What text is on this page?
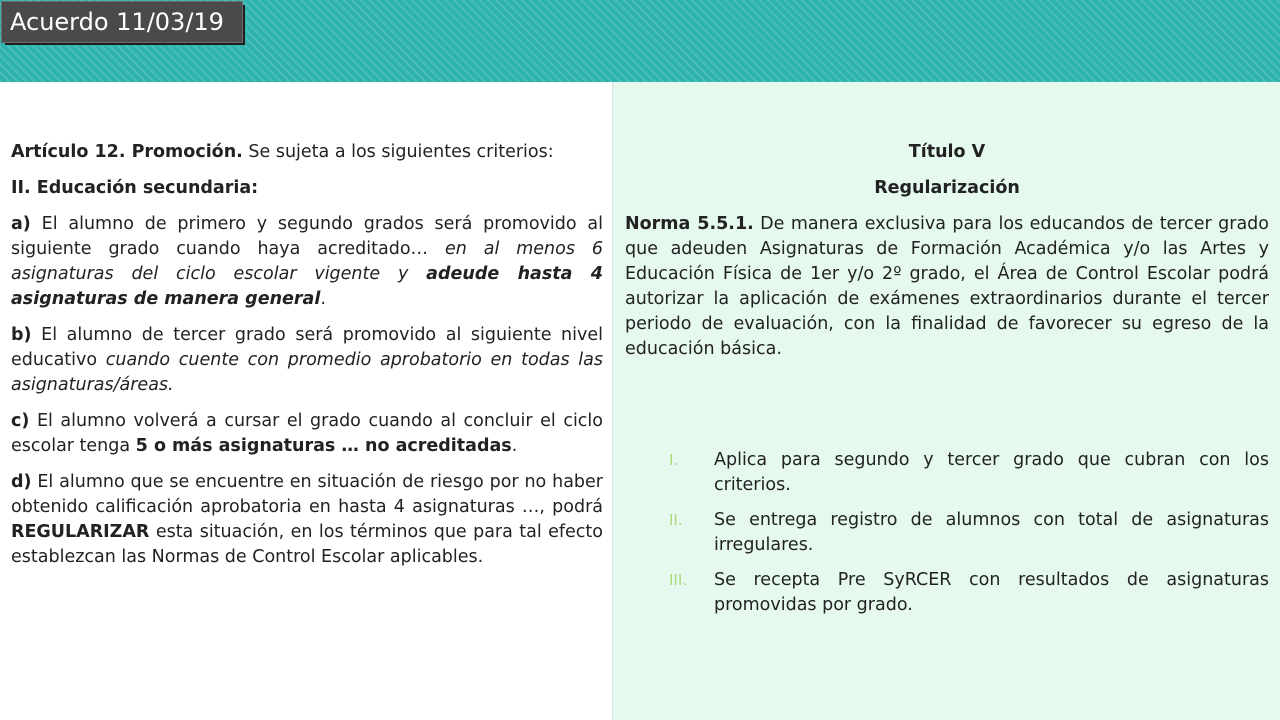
Acuerdo 11/03/19

Artículo 12. Promoción. Se sujeta a los siguientes criterios:

II. Educación secundaria:

a) El alumno de primero y segundo grados será promovido al siguiente grado cuando haya acreditado… en al menos 6 asignaturas del ciclo escolar vigente y adeude hasta 4 asignaturas de manera general.

b) El alumno de tercer grado será promovido al siguiente nivel educativo cuando cuente con promedio aprobatorio en todas las asignaturas/áreas.

c) El alumno volverá a cursar el grado cuando al concluir el ciclo escolar tenga 5 o más asignaturas … no acreditadas.

d) El alumno que se encuentre en situación de riesgo por no haber obtenido calificación aprobatoria en hasta 4 asignaturas …, podrá REGULARIZAR esta situación, en los términos que para tal efecto establezcan las Normas de Control Escolar aplicables.

Título V

Regularización

Norma 5.5.1. De manera exclusiva para los educandos de tercer grado que adeuden Asignaturas de Formación Académica y/o las Artes y Educación Física de 1er y/o 2º grado, el Área de Control Escolar podrá autorizar la aplicación de exámenes extraordinarios durante el tercer periodo de evaluación, con la finalidad de favorecer su egreso de la educación básica.

I. Aplica para segundo y tercer grado que cubran con los criterios.
II. Se entrega registro de alumnos con total de asignaturas irregulares.
III. Se recepta Pre SyRCER con resultados de asignaturas promovidas por grado.
